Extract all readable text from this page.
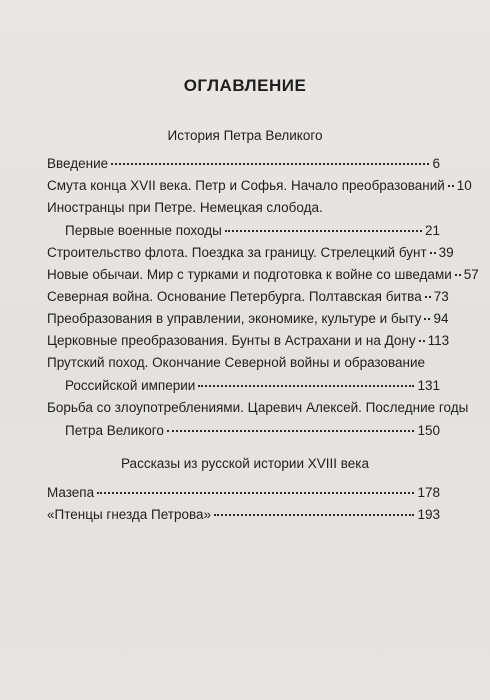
ОГЛАВЛЕНИЕ
История Петра Великого
Введение	6
Смута конца XVII века. Петр и Софья. Начало преобразований 10
Иностранцы при Петре. Немецкая слобода.
Первые военные походы	21
Строительство флота. Поездка за границу. Стрелецкий бунт 39
Новые обычаи. Мир с турками и подготовка к войне со шведами 57
Северная война. Основание Петербурга. Полтавская битва 73
Преобразования в управлении, экономике, культуре и быту 94
Церковные преобразования. Бунты в Астрахани и на Дону 113
Прутский поход. Окончание Северной войны и образование
Российской империи	131
Борьба со злоупотреблениями. Царевич Алексей. Последние годы
Петра Великого	150
Рассказы из русской истории XVIII века
Мазепа	178
«Птенцы гнезда Петрова»	193
